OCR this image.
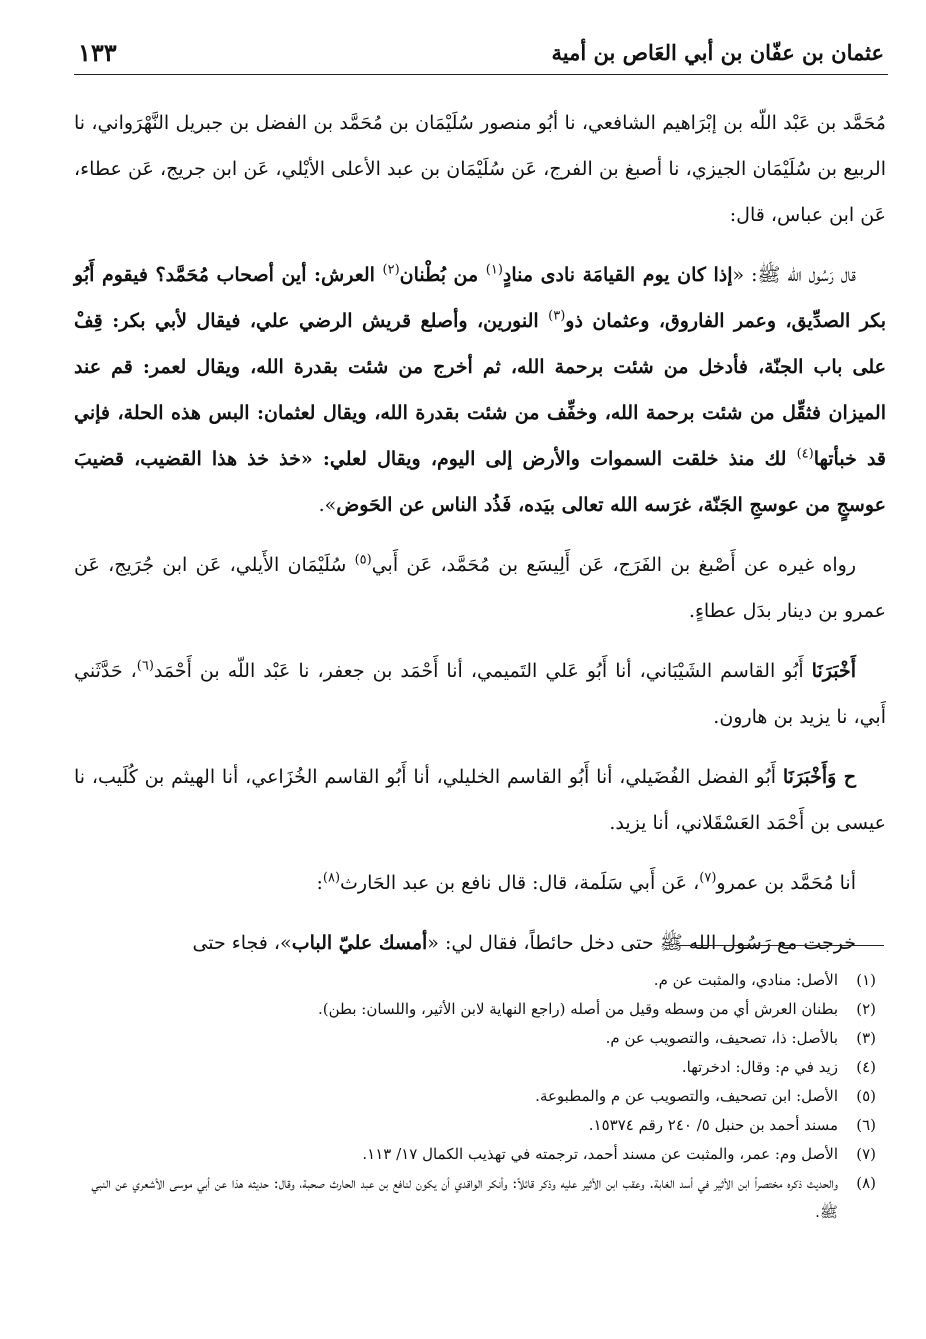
عثمان بن عفّان بن أبي العَاص بن أمية
١٣٣

مُحَمَّد بن عَبْد اللّه بن إبْرَاهيم الشافعي، نا أبُو منصور سُلَيْمَان بن مُحَمَّد بن الفضل بن جبريل النَّهْرَواني، نا الربيع بن سُلَيْمَان الجيزي، نا أصبغ بن الفرج، عَن سُلَيْمَان بن عبد الأعلى الأيْلي، عَن ابن جريج، عَن عطاء، عَن ابن عباس، قال:

قال رَسُول الله ﷺ: «إذا كان يوم القيامَة نادى منادٍ$^{(١)}$ من بُطْنان$^{(٢)}$ العرش: أين أصحاب مُحَمَّد؟ فيقوم أَبُو بكر الصدِّيق، وعمر الفاروق، وعثمان ذو$^{(٣)}$ النورين، وأصلع قريش الرضي علي، فيقال لأبي بكر: قِفْ على باب الجنّة، فأدخل من شئت برحمة الله، ثم أخرج من شئت بقدرة الله، ويقال لعمر: قم عند الميزان فثقِّل من شئت برحمة الله، وخفِّف من شئت بقدرة الله، ويقال لعثمان: البس هذه الحلة، فإني قد خبأتها$^{(٤)}$ لك منذ خلقت السموات والأرض إلى اليوم، ويقال لعلي: «خذ خذ هذا القضيب، قضيبَ عوسجٍ من عوسجِ الجَنّة، غرَسه الله تعالى بيَده، فَذُد الناس عن الحَوض».

رواه غيره عن أَصْبغ بن الفَرَج، عَن أَلِيسَع بن مُحَمَّد، عَن أَبي$^{(٥)}$ سُلَيْمَان الأَيلي، عَن ابن جُرَيج، عَن عمرو بن دينار بدَل عطاءٍ.

أَخْبَرَنَا أَبُو القاسم الشَيْبَاني، أنا أَبُو عَلي التَميمي، أنا أَحْمَد بن جعفر، نا عَبْد اللّه بن أَحْمَد$^{(٦)}$، حَدَّثَني أَبي، نا يزيد بن هارون.

ح وَأَخْبَرَنَا أَبُو الفضل الفُضَيلي، أنا أَبُو القاسم الخليلي، أنا أَبُو القاسم الخُزَاعي، أنا الهيثم بن كُلَيب، نا عيسى بن أَحْمَد العَسْقَلاني، أنا يزيد.

أنا مُحَمَّد بن عمرو$^{(٧)}$، عَن أَبي سَلَمة، قال: قال نافع بن عبد الحَارث$^{(٨)}$:

خرجت مع رَسُول الله ﷺ حتى دخل حائطاً، فقال لي: «أمسك عليّ الباب»، فجاء حتى

(١)
الأصل: منادي، والمثبت عن م.
(٢)
بطنان العرش أي من وسطه وقيل من أصله (راجع النهاية لابن الأثير، واللسان: بطن).
(٣)
بالأصل: ذا، تصحيف، والتصويب عن م.
(٤)
زيد في م: وقال: ادخرتها.
(٥)
الأصل: ابن تصحيف، والتصويب عن م والمطبوعة.
(٦)
مسند أحمد بن حنبل ٥/ ٢٤٠ رقم ١٥٣٧٤.
(٧)
الأصل وم: عمر، والمثبت عن مسند أحمد، ترجمته في تهذيب الكمال ١٧/ ١١٣.
(٨)
والحديث ذكره مختصراً ابن الأثير في أسد الغابة. وعقب ابن الأثير عليه وذكر قائلاً: وأنكر الواقدي أن يكون لنافع بن عبد الحارث صحبة، وقال: حديثه هذا عن أبي موسى الأشعري عن النبي ﷺ.
